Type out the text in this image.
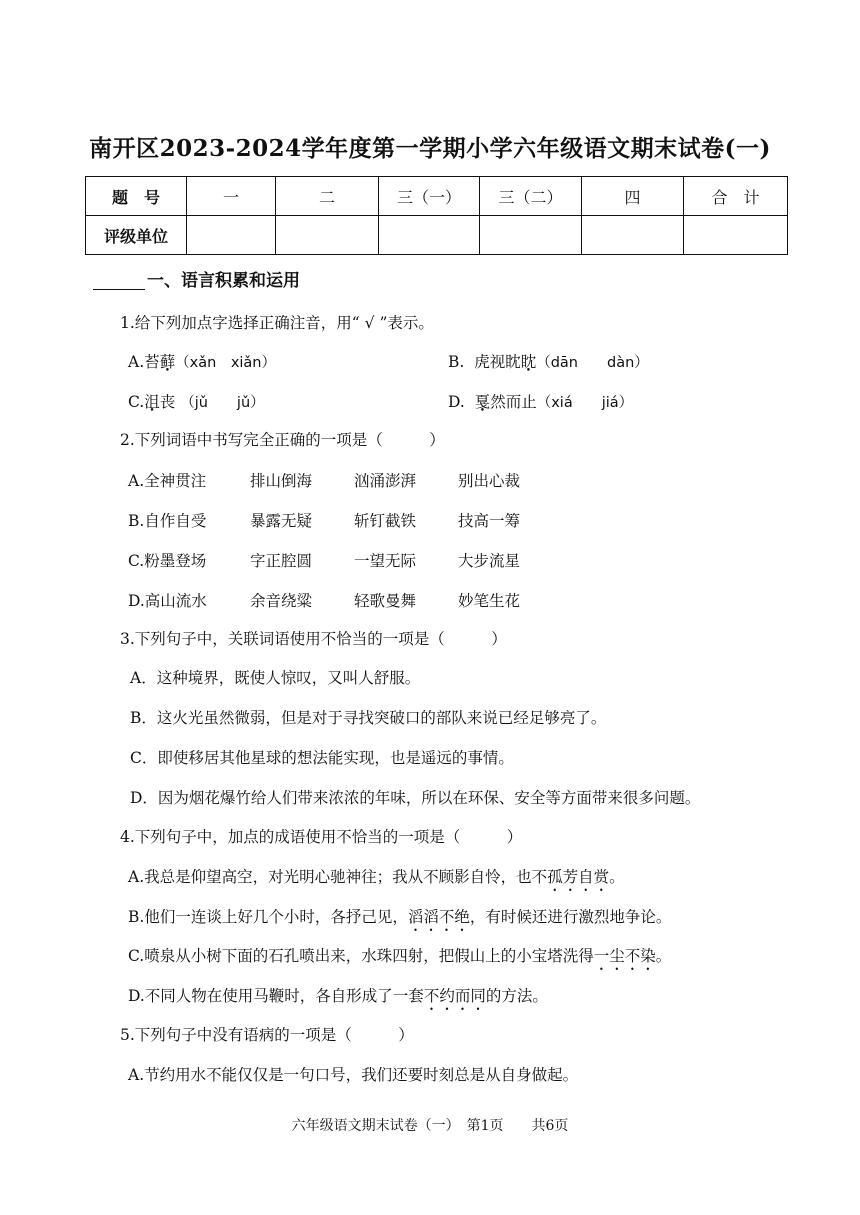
南开区2023-2024学年度第一学期小学六年级语文期末试卷(一)
题　号	一	二	三（一）	三（二）	四	合　计
评级单位						
一、语言积累和运用
1.给下列加点字选择正确注音，用“ √ ”表示。
A.苔藓（xǎn　xiǎn）	B. 虎视眈眈（dān　　dàn）
C.沮丧 （jǔ　　jǔ）	D. 戛然而止（xiá　　jiá）
2.下列词语中书写完全正确的一项是（　　　）
A.全神贯注	排山倒海	汹涌澎湃	别出心裁
B.自作自受	暴露无疑	斩钉截铁	技高一筹
C.粉墨登场	字正腔圆	一望无际	大步流星
D.高山流水	余音绕粱	轻歌曼舞	妙笔生花
3.下列句子中，关联词语使用不恰当的一项是（　　　）
A．这种境界，既使人惊叹，又叫人舒服。
B．这火光虽然微弱，但是对于寻找突破口的部队来说已经足够亮了。
C．即使移居其他星球的想法能实现，也是遥远的事情。
D．因为烟花爆竹给人们带来浓浓的年味，所以在环保、安全等方面带来很多问题。
4.下列句子中，加点的成语使用不恰当的一项是（　　　）
A.我总是仰望高空，对光明心驰神往；我从不顾影自怜，也不孤芳自赏。
B.他们一连谈上好几个小时，各抒己见，滔滔不绝，有时候还进行激烈地争论。
C.喷泉从小树下面的石孔喷出来，水珠四射，把假山上的小宝塔洗得一尘不染。
D.不同人物在使用马鞭时，各自形成了一套不约而同的方法。
5.下列句子中没有语病的一项是（　　　）
A.节约用水不能仅仅是一句口号，我们还要时刻总是从自身做起。
六年级语文期末试卷（一）　第1页　　共6页
